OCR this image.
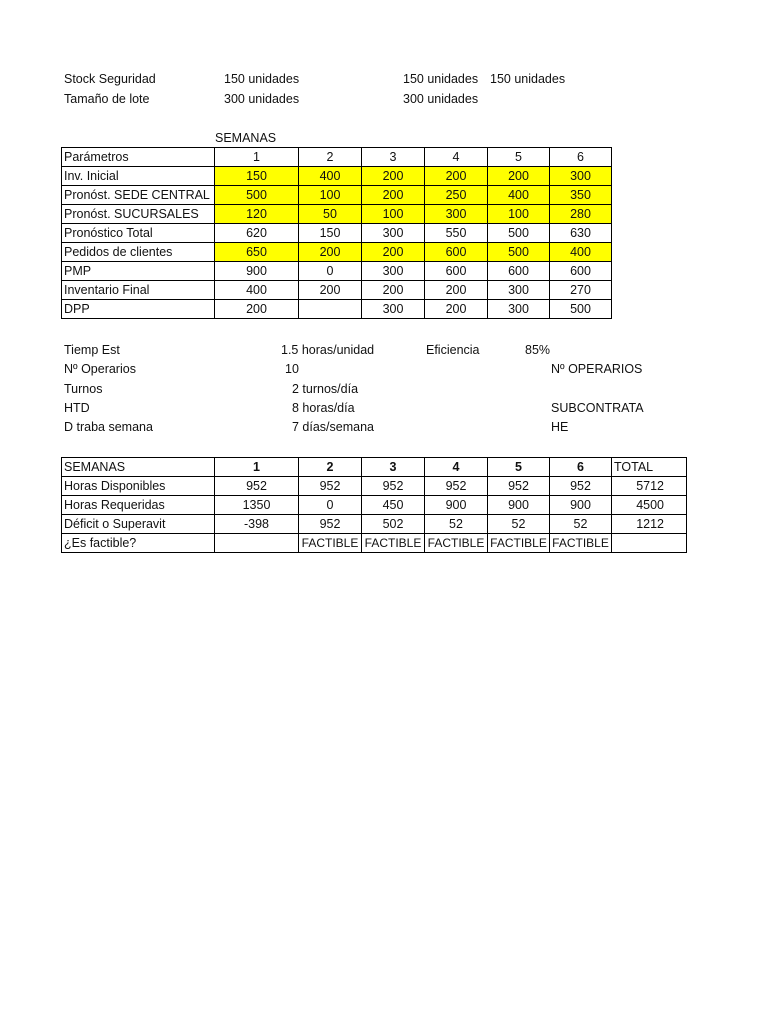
Stock Seguridad	150 unidades	150 unidades 150 unidades
Tamaño de lote	300 unidades	300 unidades
SEMANAS
Parámetros	1	2	3	4	5	6
Inv. Inicial	150	400	200	200	200	300
Pronóst. SEDE CENTRAL	500	100	200	250	400	350
Pronóst. SUCURSALES	120	50	100	300	100	280
Pronóstico Total	620	150	300	550	500	630
Pedidos de clientes	650	200	200	600	500	400
PMP	900	0	300	600	600	600
Inventario Final	400	200	200	200	300	270
DPP	200		300	200	300	500
Tiemp Est	1.5 horas/unidad	Eficiencia	85%
Nº Operarios	10	Nº OPERARIOS
Turnos	2 turnos/día
HTD	8 horas/día	SUBCONTRATA
D traba semana	7 días/semana	HE
SEMANAS	1	2	3	4	5	6	TOTAL
Horas Disponibles	952	952	952	952	952	952	5712
Horas Requeridas	1350	0	450	900	900	900	4500
Déficit o Superavit	-398	952	502	52	52	52	1212
¿Es factible?		FACTIBLE	FACTIBLE	FACTIBLE	FACTIBLE	FACTIBLE	
